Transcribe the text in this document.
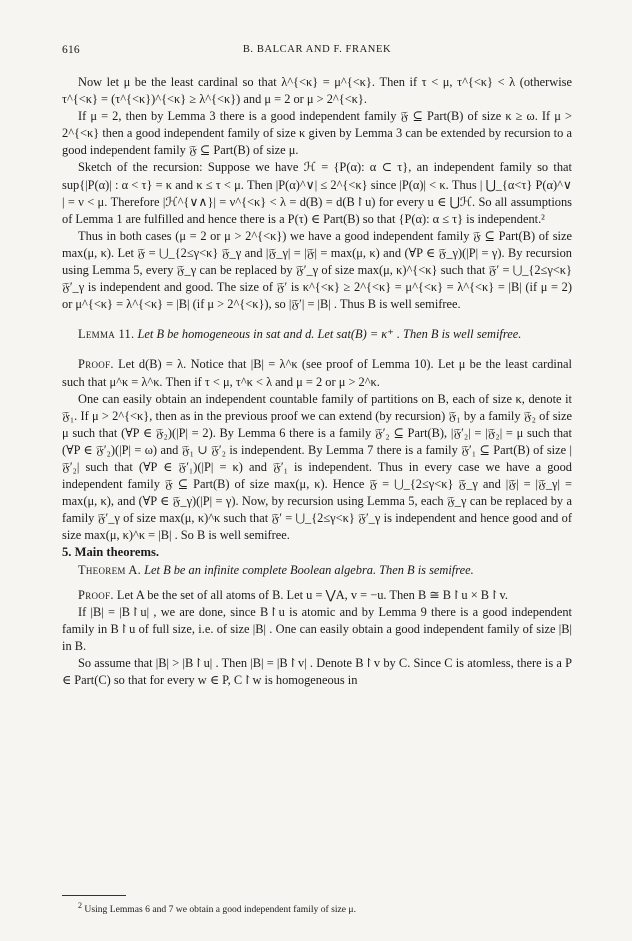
616	B. BALCAR AND F. FRANEK

Now let μ be the least cardinal so that λ^{<κ} = μ^{<κ}. Then if τ < μ, τ^{<κ} < λ (otherwise τ^{<κ} = (τ^{<κ})^{<κ} ≥ λ^{<κ}) and μ = 2 or μ > 2^{<κ}.

If μ = 2, then by Lemma 3 there is a good independent family 𝔉 ⊆ Part(B) of size κ ≥ ω. If μ > 2^{<κ} then a good independent family of size κ given by Lemma 3 can be extended by recursion to a good independent family 𝔉 ⊆ Part(B) of size μ.

Sketch of the recursion: Suppose we have ℋ = {P(α): α ⊂ τ}, an independent family so that sup{|P(α)| : α < τ} = κ and κ ≤ τ < μ. Then |P(α)^∨| ≤ 2^{<κ} since |P(α)| < κ. Thus | ⋃_{α<τ} P(α)^∨ | = ν < μ. Therefore |ℋ^{∨∧}| = ν^{<κ} < λ = d(B) = d(B↾u) for every u ∈ ⋃ℋ. So all assumptions of Lemma 1 are fulfilled and hence there is a P(τ) ∈ Part(B) so that {P(α): α ≤ τ} is independent.²

Thus in both cases (μ = 2 or μ > 2^{<κ}) we have a good independent family 𝔉 ⊆ Part(B) of size max(μ, κ). Let 𝔉 = ⋃_{2≤γ<κ} 𝔉_γ and |𝔉_γ| = |𝔉| = max(μ, κ) and (∀P ∈ 𝔉_γ)(|P| = γ). By recursion using Lemma 5, every 𝔉_γ can be replaced by 𝔉′_γ of size max(μ, κ)^{<κ} such that 𝔉′ = ⋃_{2≤γ<κ} 𝔉′_γ is independent and good. The size of 𝔉′ is κ^{<κ} ≥ 2^{<κ} = μ^{<κ} = λ^{<κ} = |B| (if μ = 2) or μ^{<κ} = λ^{<κ} = |B| (if μ > 2^{<κ}), so |𝔉′| = |B| . Thus B is well semifree.

Lemma 11. Let B be homogeneous in sat and d. Let sat(B) = κ⁺ . Then B is well semifree.

Proof. Let d(B) = λ. Notice that |B| = λ^κ (see proof of Lemma 10). Let μ be the least cardinal such that μ^κ = λ^κ. Then if τ < μ, τ^κ < λ and μ = 2 or μ > 2^κ.

One can easily obtain an independent countable family of partitions on B, each of size κ, denote it 𝔉₁. If μ > 2^{<κ}, then as in the previous proof we can extend (by recursion) 𝔉₁ by a family 𝔉₂ of size μ such that (∀P ∈ 𝔉₂)(|P| = 2). By Lemma 6 there is a family 𝔉′₂ ⊆ Part(B), |𝔉′₂| = |𝔉₂| = μ such that (∀P ∈ 𝔉′₂)(|P| = ω) and 𝔉₁ ∪ 𝔉′₂ is independent. By Lemma 7 there is a family 𝔉′₁ ⊆ Part(B) of size |𝔉′₂| such that (∀P ∈ 𝔉′₁)(|P| = κ) and 𝔉′₁ is independent. Thus in every case we have a good independent family 𝔉 ⊆ Part(B) of size max(μ, κ). Hence 𝔉 = ⋃_{2≤γ<κ} 𝔉_γ and |𝔉| = |𝔉_γ| = max(μ, κ), and (∀P ∈ 𝔉_γ)(|P| = γ). Now, by recursion using Lemma 5, each 𝔉_γ can be replaced by a family 𝔉′_γ of size max(μ, κ)^κ such that 𝔉′ = ⋃_{2≤γ<κ} 𝔉′_γ is independent and hence good and of size max(μ, κ)^κ = |B| . So B is well semifree.

5. Main theorems.

Theorem A. Let B be an infinite complete Boolean algebra. Then B is semifree.

Proof. Let A be the set of all atoms of B. Let u = ⋁A, v = −u. Then B ≅ B↾u × B↾v.

If |B| = |B↾u| , we are done, since B↾u is atomic and by Lemma 9 there is a good independent family in B↾u of full size, i.e. of size |B| . One can easily obtain a good independent family of size |B| in B.

So assume that |B| > |B↾u| . Then |B| = |B↾v| . Denote B↾v by C. Since C is atomless, there is a P ∈ Part(C) so that for every w ∈ P, C↾w is homogeneous in

$^2$ Using Lemmas 6 and 7 we obtain a good independent family of size μ.
